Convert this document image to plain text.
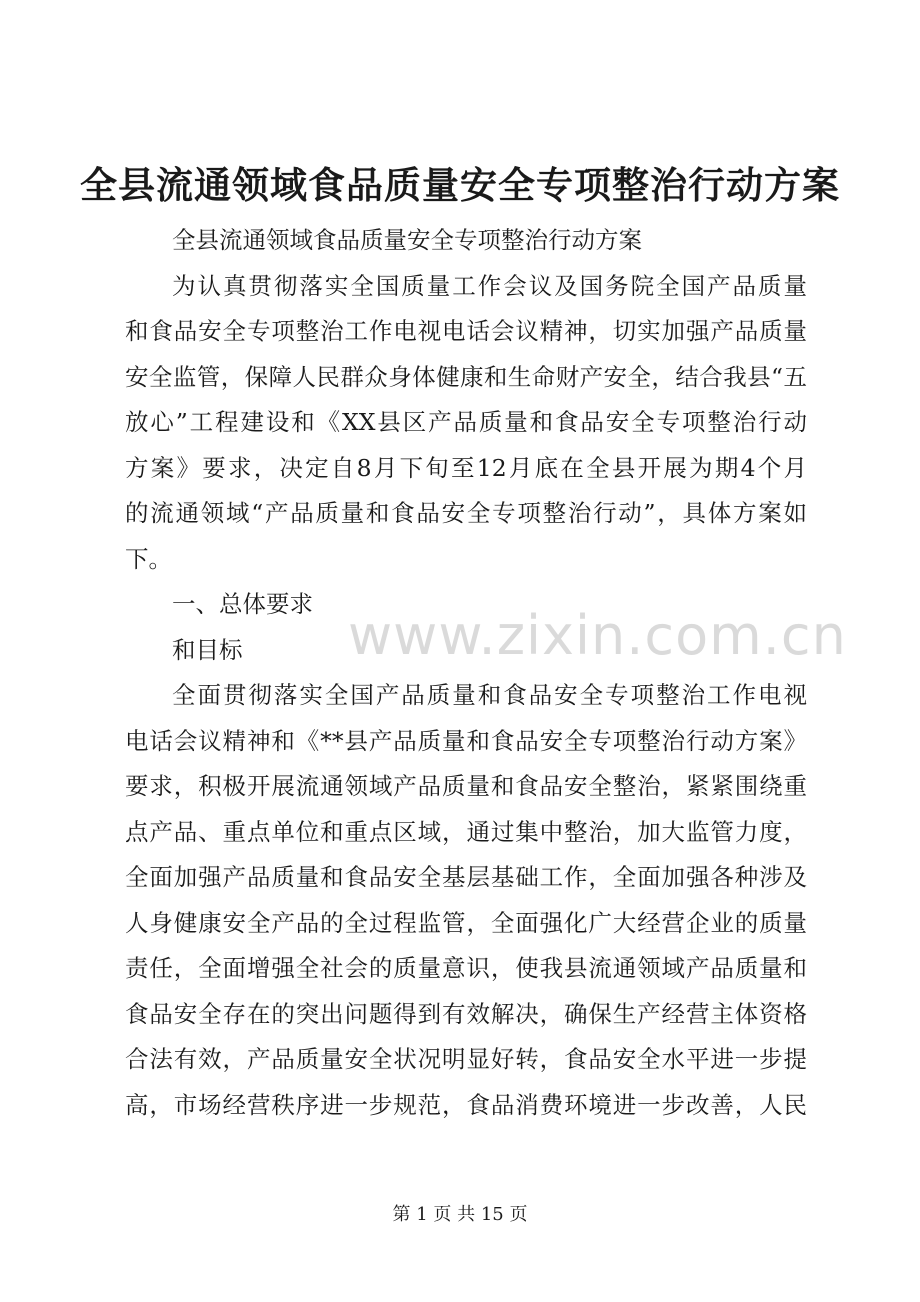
全县流通领域食品质量安全专项整治行动方案
全县流通领域食品质量安全专项整治行动方案
为认真贯彻落实全国质量工作会议及国务院全国产品质量
和食品安全专项整治工作电视电话会议精神，切实加强产品质量
安全监管，保障人民群众身体健康和生命财产安全，结合我县“五
放心”工程建设和《XX县区产品质量和食品安全专项整治行动
方案》要求，决定自8月下旬至12月底在全县开展为期4个月
的流通领域“产品质量和食品安全专项整治行动”，具体方案如
下。
一、总体要求
和目标
全面贯彻落实全国产品质量和食品安全专项整治工作电视
电话会议精神和《**县产品质量和食品安全专项整治行动方案》
要求，积极开展流通领域产品质量和食品安全整治，紧紧围绕重
点产品、重点单位和重点区域，通过集中整治，加大监管力度，
全面加强产品质量和食品安全基层基础工作，全面加强各种涉及
人身健康安全产品的全过程监管，全面强化广大经营企业的质量
责任，全面增强全社会的质量意识，使我县流通领域产品质量和
食品安全存在的突出问题得到有效解决，确保生产经营主体资格
合法有效，产品质量安全状况明显好转，食品安全水平进一步提
高，市场经营秩序进一步规范，食品消费环境进一步改善，人民
www.zixin.com.cn
第 1 页 共 15 页
